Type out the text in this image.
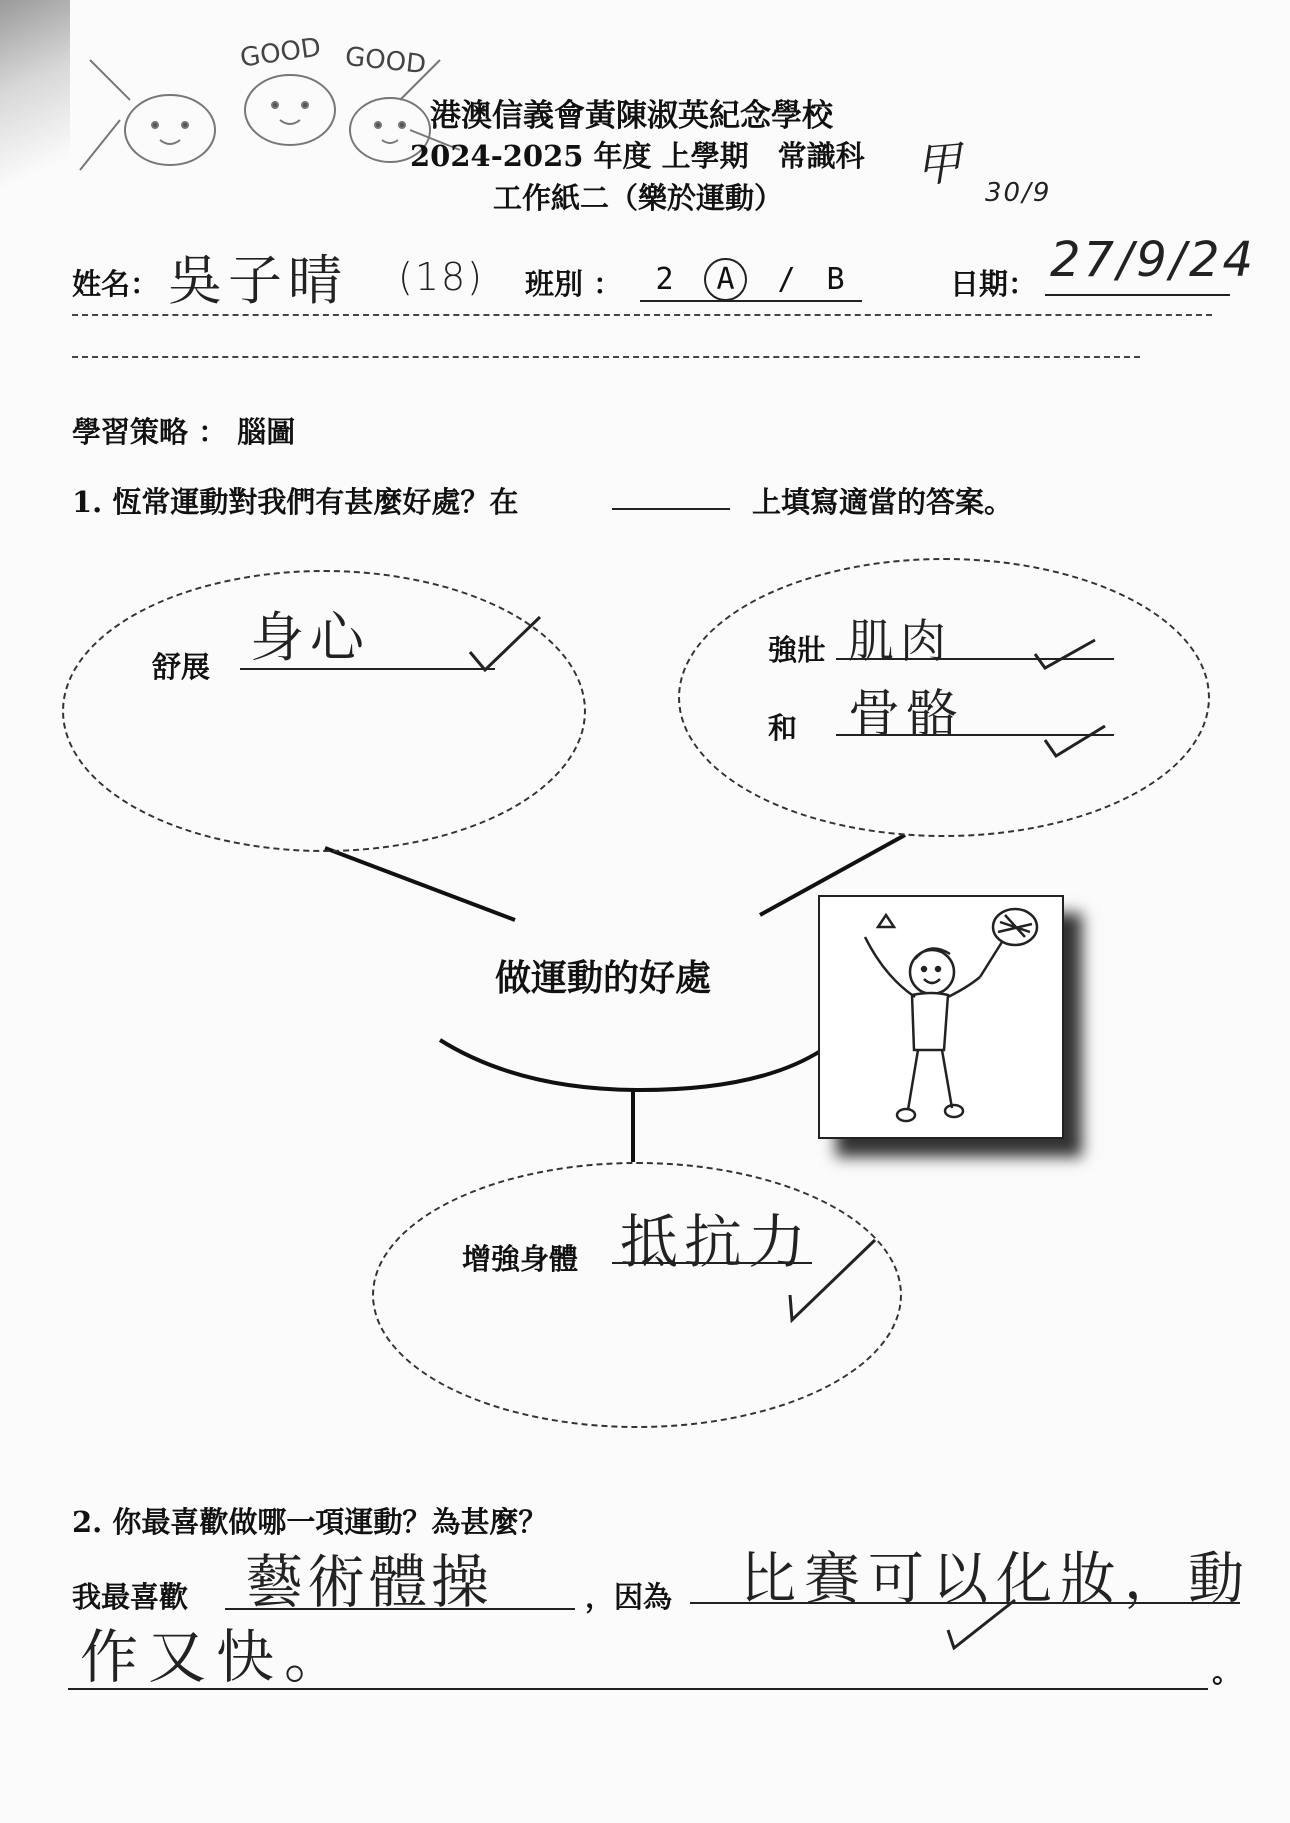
GOOD GOOD
港澳信義會黃陳淑英紀念學校
2024-2025 年度 上學期　常識科
工作紙二（樂於運動）
甲 30/9
姓名： 吳子晴 (18) 班別 ： 2	A	/ B	日期： 27/9/24
學習策略 ： 腦圖
1. 恆常運動對我們有甚麼好處？在	上填寫適當的答案。
舒展 身心	強壯 肌肉
和 骨骼
做運動的好處
增強身體 抵抗力
2. 你最喜歡做哪一項運動？為甚麼？
我最喜歡 藝術體操	，因為 比賽可以化妝，動
作又快。	。
